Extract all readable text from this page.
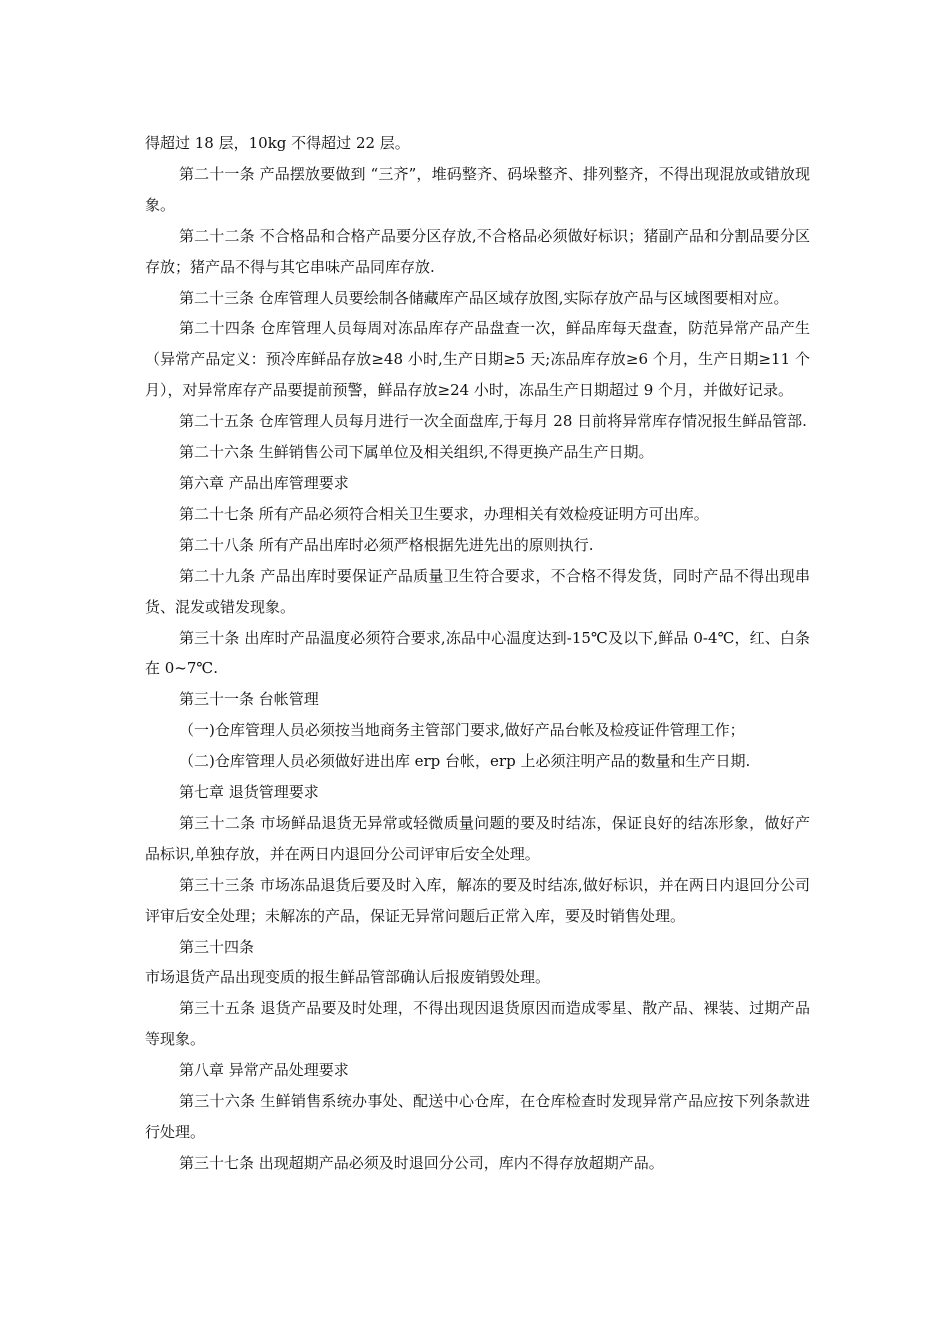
得超过 18 层，10kg 不得超过 22 层。

第二十一条 产品摆放要做到 “三齐”，堆码整齐、码垛整齐、排列整齐，不得出现混放或错放现象。

第二十二条 不合格品和合格产品要分区存放,不合格品必须做好标识；猪副产品和分割品要分区存放；猪产品不得与其它串味产品同库存放.

第二十三条 仓库管理人员要绘制各储藏库产品区域存放图,实际存放产品与区域图要相对应。

第二十四条 仓库管理人员每周对冻品库存产品盘查一次，鲜品库每天盘查，防范异常产品产生（异常产品定义：预冷库鲜品存放≥48 小时,生产日期≥5 天;冻品库存放≥6 个月，生产日期≥11 个月），对异常库存产品要提前预警，鲜品存放≥24 小时，冻品生产日期超过 9 个月，并做好记录。

第二十五条 仓库管理人员每月进行一次全面盘库,于每月 28 日前将异常库存情况报生鲜品管部.

第二十六条 生鲜销售公司下属单位及相关组织,不得更换产品生产日期。

第六章 产品出库管理要求

第二十七条 所有产品必须符合相关卫生要求，办理相关有效检疫证明方可出库。

第二十八条 所有产品出库时必须严格根据先进先出的原则执行.

第二十九条 产品出库时要保证产品质量卫生符合要求，不合格不得发货，同时产品不得出现串货、混发或错发现象。

第三十条 出库时产品温度必须符合要求,冻品中心温度达到-15℃及以下,鲜品 0-4℃，红、白条在 0~7℃.

第三十一条 台帐管理

（一)仓库管理人员必须按当地商务主管部门要求,做好产品台帐及检疫证件管理工作；

（二)仓库管理人员必须做好进出库 erp 台帐，erp 上必须注明产品的数量和生产日期.

第七章 退货管理要求

第三十二条 市场鲜品退货无异常或轻微质量问题的要及时结冻，保证良好的结冻形象，做好产品标识,单独存放，并在两日内退回分公司评审后安全处理。

第三十三条 市场冻品退货后要及时入库，解冻的要及时结冻,做好标识，并在两日内退回分公司评审后安全处理；未解冻的产品，保证无异常问题后正常入库，要及时销售处理。

第三十四条

市场退货产品出现变质的报生鲜品管部确认后报废销毁处理。

第三十五条 退货产品要及时处理，不得出现因退货原因而造成零星、散产品、裸装、过期产品等现象。

第八章 异常产品处理要求

第三十六条 生鲜销售系统办事处、配送中心仓库，在仓库检查时发现异常产品应按下列条款进行处理。

第三十七条 出现超期产品必须及时退回分公司，库内不得存放超期产品。
